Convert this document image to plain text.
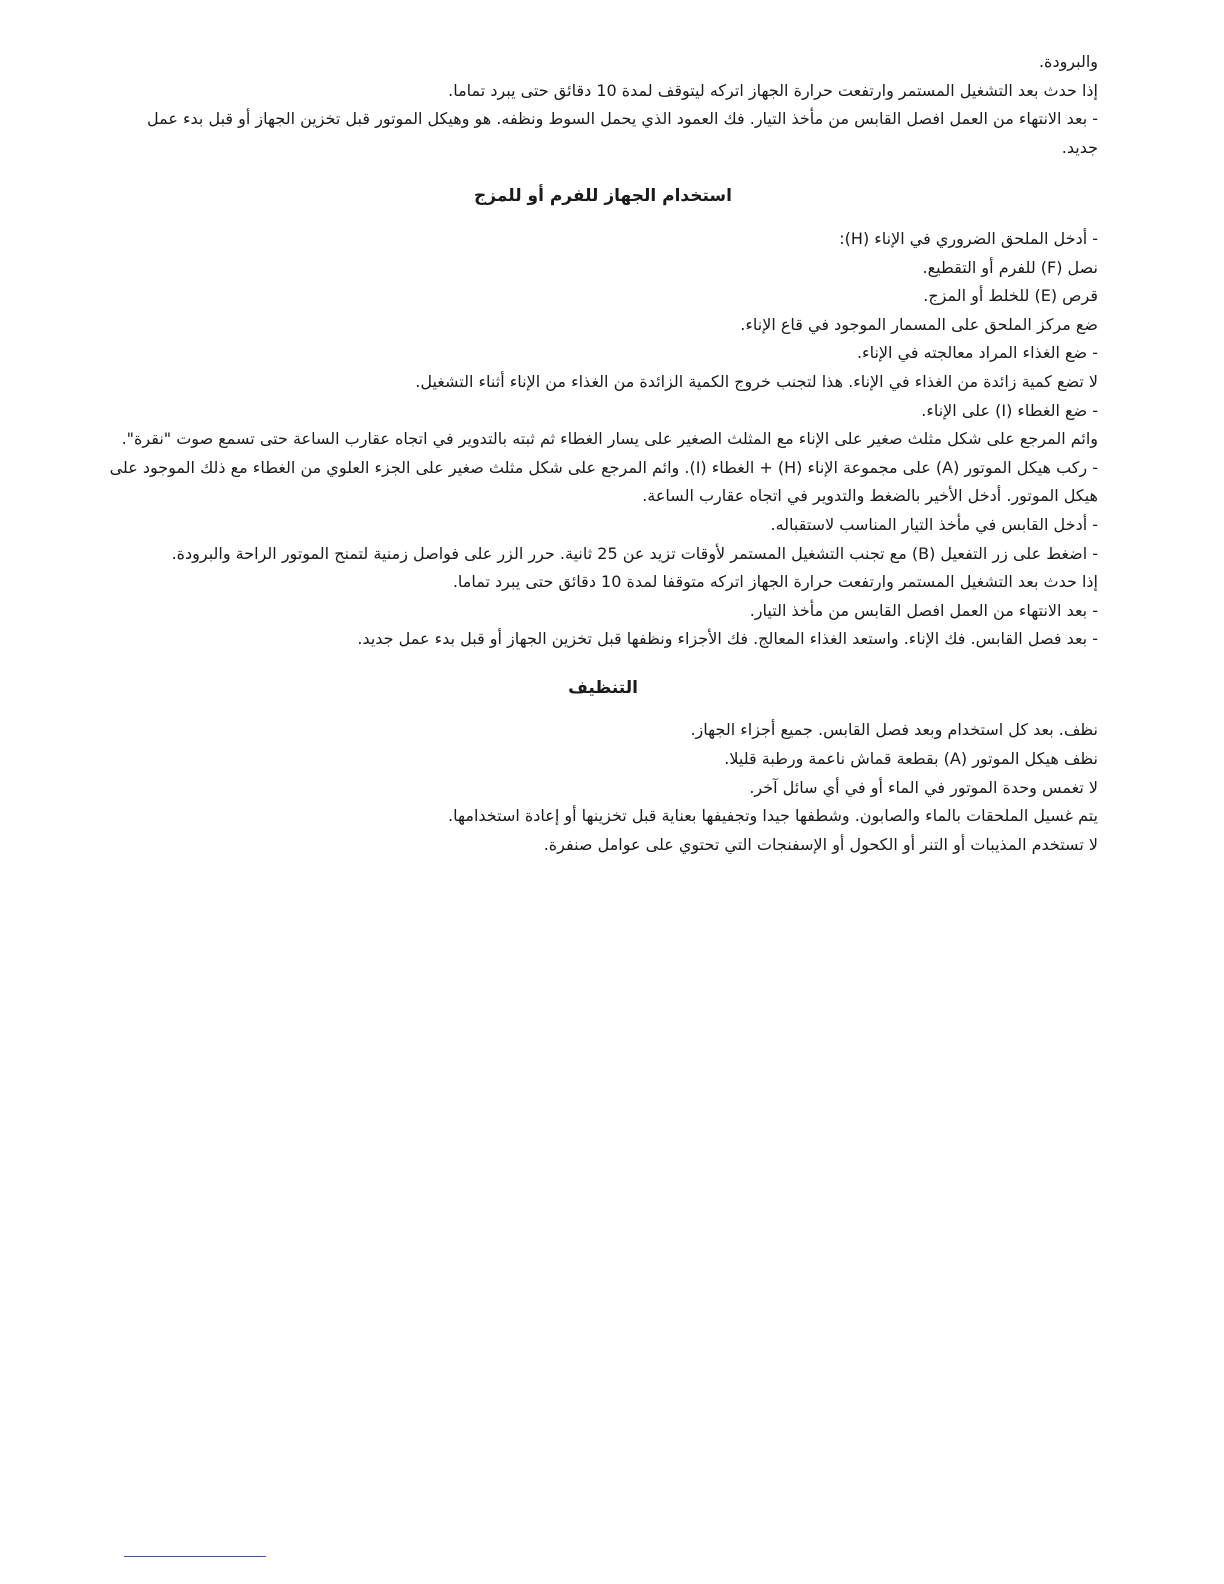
والبرودة.
إذا حدث بعد التشغيل المستمر وارتفعت حرارة الجهاز اتركه ليتوقف لمدة 10 دقائق حتى يبرد تماما.
- بعد الانتهاء من العمل افصل القابس من مأخذ التيار. فك العمود الذي يحمل السوط ونظفه. هو وهيكل الموتور قبل تخزين الجهاز أو قبل بدء عمل جديد.
استخدام الجهاز للفرم أو للمزج
- أدخل الملحق الضروري في الإناء (H):
نصل (F) للفرم أو التقطيع.
قرص (E) للخلط أو المزج.
ضع مركز الملحق على المسمار الموجود في قاع الإناء.
- ضع الغذاء المراد معالجته في الإناء.
لا تضع كمية زائدة من الغذاء في الإناء. هذا لتجنب خروج الكمية الزائدة من الغذاء من الإناء أثناء التشغيل.
- ضع الغطاء (I) على الإناء.
وائم المرجع على شكل مثلث صغير على الإناء مع المثلث الصغير على يسار الغطاء ثم ثبته بالتدوير في اتجاه عقارب الساعة حتى تسمع صوت "نقرة".
- ركب هيكل الموتور (A) على مجموعة الإناء (H) + الغطاء (I). وائم المرجع على شكل مثلث صغير على الجزء العلوي من الغطاء مع ذلك الموجود على هيكل الموتور. أدخل الأخير بالضغط والتدوير في اتجاه عقارب الساعة.
- أدخل القابس في مأخذ التيار المناسب لاستقباله.
- اضغط على زر التفعيل (B) مع تجنب التشغيل المستمر لأوقات تزيد عن 25 ثانية. حرر الزر على فواصل زمنية لتمنح الموتور الراحة والبرودة.
إذا حدث بعد التشغيل المستمر وارتفعت حرارة الجهاز اتركه متوقفا لمدة 10 دقائق حتى يبرد تماما.
- بعد الانتهاء من العمل افصل القابس من مأخذ التيار.
- بعد فصل القابس. فك الإناء. واستعد الغذاء المعالج. فك الأجزاء ونظفها قبل تخزين الجهاز أو قبل بدء عمل جديد.
التنظيف
نظف. بعد كل استخدام وبعد فصل القابس. جميع أجزاء الجهاز.
نظف هيكل الموتور (A) بقطعة قماش ناعمة ورطبة قليلا.
لا تغمس وحدة الموتور في الماء أو في أي سائل آخر.
يتم غسيل الملحقات بالماء والصابون. وشطفها جيدا وتجفيفها بعناية قبل تخزينها أو إعادة استخدامها.
لا تستخدم المذيبات أو التنر أو الكحول أو الإسفنجات التي تحتوي على عوامل صنفرة.
